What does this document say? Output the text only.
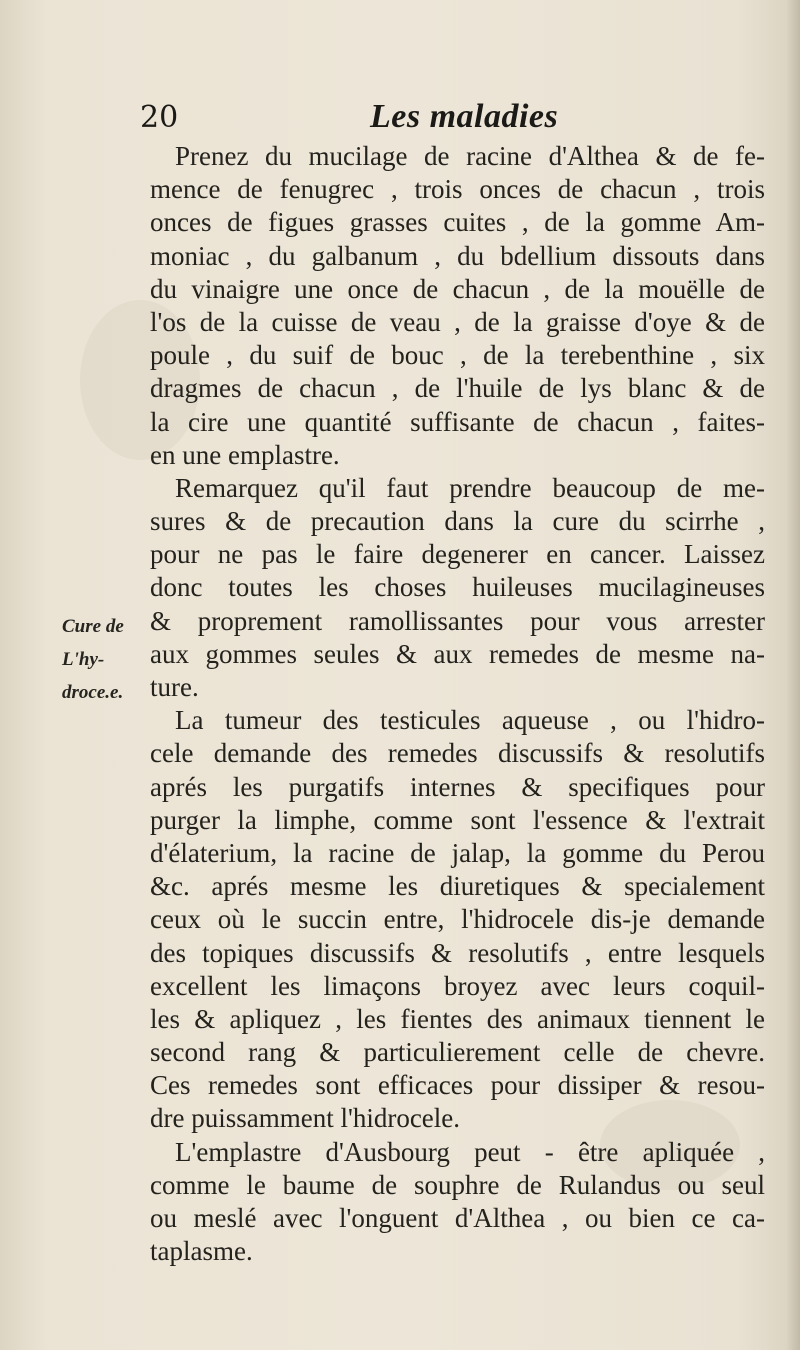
20	Les maladies
Cure de
L'hy-
droce.e.
Prenez du mucilage de racine d'Althea & de fe-
mence de fenugrec , trois onces de chacun , trois
onces de figues grasses cuites , de la gomme Am-
moniac , du galbanum , du bdellium dissouts dans
du vinaigre une once de chacun , de la mouëlle de
l'os de la cuisse de veau , de la graisse d'oye & de
poule , du suif de bouc , de la terebenthine , six
dragmes de chacun , de l'huile de lys blanc & de
la cire une quantité suffisante de chacun , faites-
en une emplastre.
Remarquez qu'il faut prendre beaucoup de me-
sures & de precaution dans la cure du scirrhe ,
pour ne pas le faire degenerer en cancer. Laissez
donc toutes les choses huileuses mucilagineuses
& proprement ramollissantes pour vous arrester
aux gommes seules & aux remedes de mesme na-
ture.
La tumeur des testicules aqueuse , ou l'hidro-
cele demande des remedes discussifs & resolutifs
aprés les purgatifs internes & specifiques pour
purger la limphe, comme sont l'essence & l'extrait
d'élaterium, la racine de jalap, la gomme du Perou
&c. aprés mesme les diuretiques & specialement
ceux où le succin entre, l'hidrocele dis-je demande
des topiques discussifs & resolutifs , entre lesquels
excellent les limaçons broyez avec leurs coquil-
les & apliquez , les fientes des animaux tiennent le
second rang & particulierement celle de chevre.
Ces remedes sont efficaces pour dissiper & resou-
dre puissamment l'hidrocele.
L'emplastre d'Ausbourg peut - être apliquée ,
comme le baume de souphre de Rulandus ou seul
ou meslé avec l'onguent d'Althea , ou bien ce ca-
taplasme.
